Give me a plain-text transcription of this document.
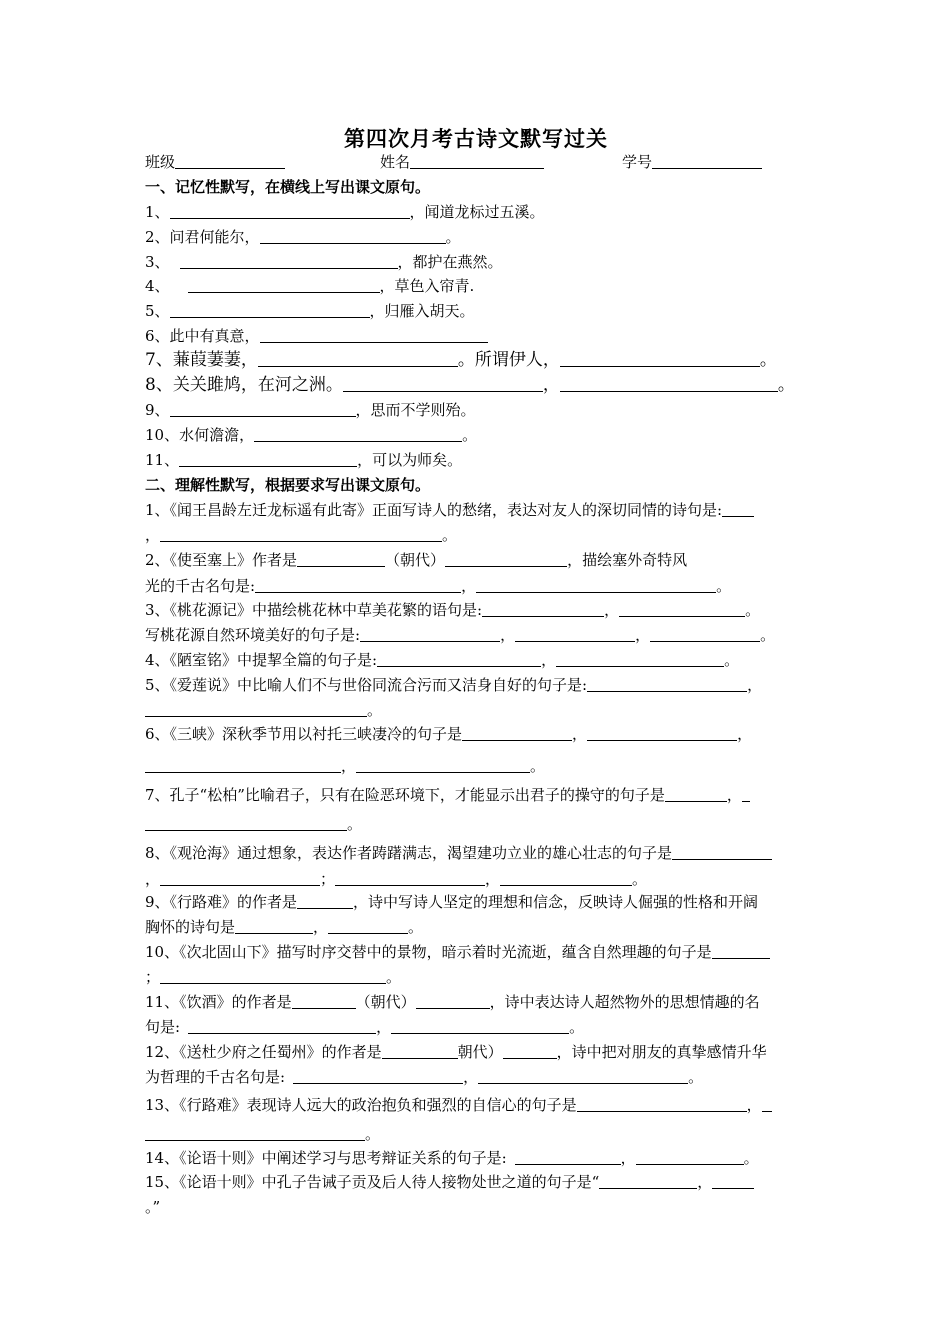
第四次月考古诗文默写过关
班级	姓名	学号
一、记忆性默写，在横线上写出课文原句。
1、	，闻道龙标过五溪。
2、问君何能尔，	。
3、	，都护在燕然。
4、	，草色入帘青.
5、	，归雁入胡天。
6、此中有真意，
7、蒹葭萋萋，	。所谓伊人，	。
8、关关雎鸠，在河之洲。	，	。
9、	，思而不学则殆。
10、水何澹澹，	。
11、	，可以为师矣。
二、理解性默写，根据要求写出课文原句。
1、《闻王昌龄左迁龙标遥有此寄》正面写诗人的愁绪，表达对友人的深切同情的诗句是:
，	。
2、《使至塞上》作者是	（朝代）	，描绘塞外奇特风
光的千古名句是:	，	。
3、《桃花源记》中描绘桃花林中草美花繁的语句是:	，	。
写桃花源自然环境美好的句子是:	，	，	。
4、《陋室铭》中提挈全篇的句子是:	，	。
5、《爱莲说》中比喻人们不与世俗同流合污而又洁身自好的句子是:	，
。
6、《三峡》深秋季节用以衬托三峡凄冷的句子是	，	，
，	。
7、孔子“松柏”比喻君子，只有在险恶环境下，才能显示出君子的操守的句子是	，
。
8、《观沧海》通过想象，表达作者踌躇满志，渴望建功立业的雄心壮志的句子是
，	；	，	。
9、《行路难》的作者是	，诗中写诗人坚定的理想和信念，反映诗人倔强的性格和开阔
胸怀的诗句是	，	。
10、《次北固山下》描写时序交替中的景物，暗示着时光流逝，蕴含自然理趣的句子是
；	。
11、《饮酒》的作者是	（朝代）	，诗中表达诗人超然物外的思想情趣的名
句是:	，	。
12、《送杜少府之任蜀州》的作者是	朝代）	，诗中把对朋友的真挚感情升华
为哲理的千古名句是:	，	。
13、《行路难》表现诗人远大的政治抱负和强烈的自信心的句子是	，
。
14、《论语十则》中阐述学习与思考辩证关系的句子是:	，	。
15、《论语十则》中孔子告诫子贡及后人待人接物处世之道的句子是“	，
。”
